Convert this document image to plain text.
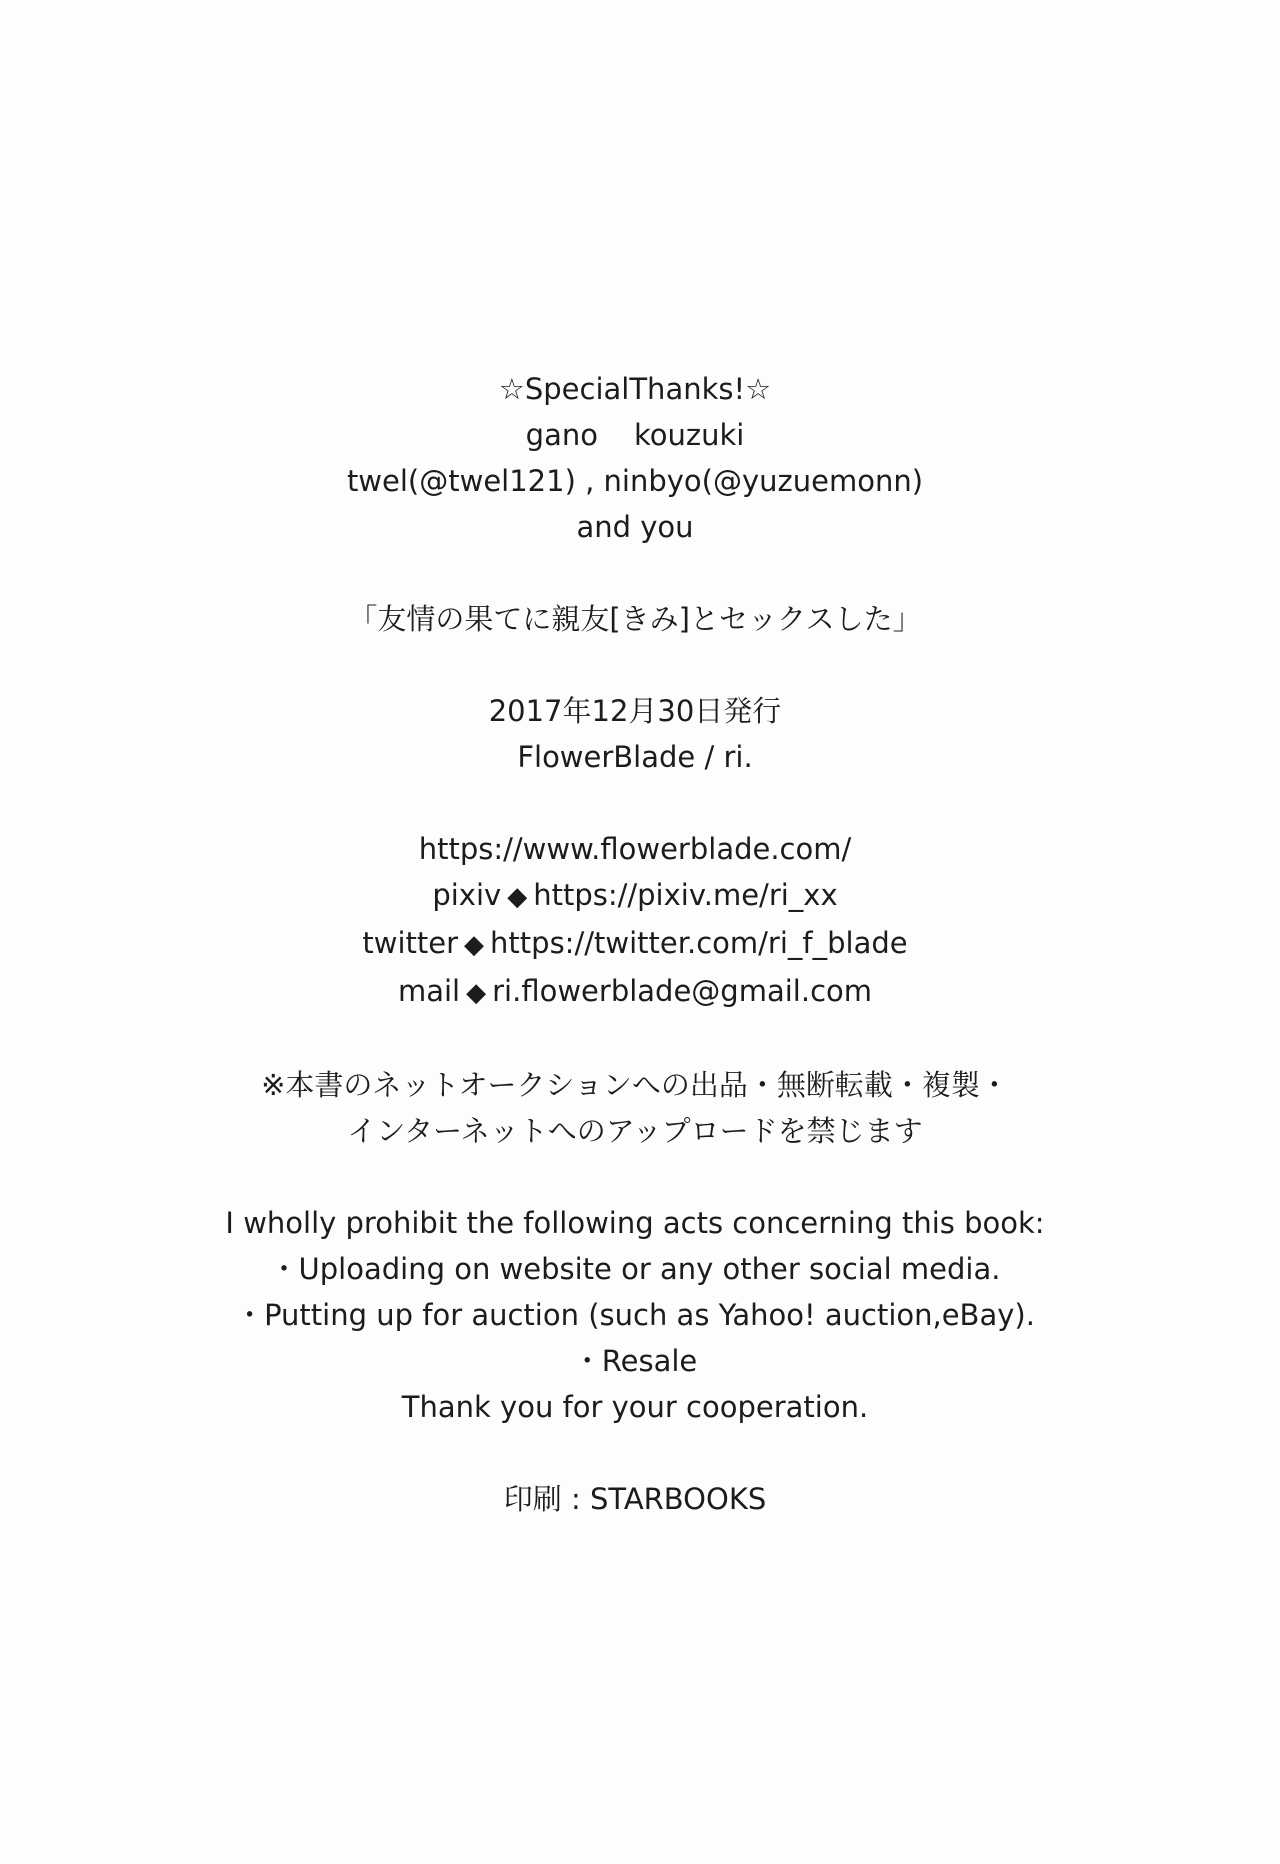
☆SpecialThanks!☆
gano kouzuki
twel(@twel121) , ninbyo(@yuzuemonn)
and you
「友情の果てに親友[きみ]とセックスした」
2017年12月30日発行
FlowerBlade / ri.
https://www.flowerblade.com/
pixiv ◆ https://pixiv.me/ri_xx
twitter ◆ https://twitter.com/ri_f_blade
mail ◆ ri.flowerblade@gmail.com
※本書のネットオークションへの出品・無断転載・複製・
インターネットへのアップロードを禁じます
I wholly prohibit the following acts concerning this book:
・Uploading on website or any other social media.
・Putting up for auction (such as Yahoo! auction,eBay).
・Resale
Thank you for your cooperation.
印刷 : STARBOOKS
